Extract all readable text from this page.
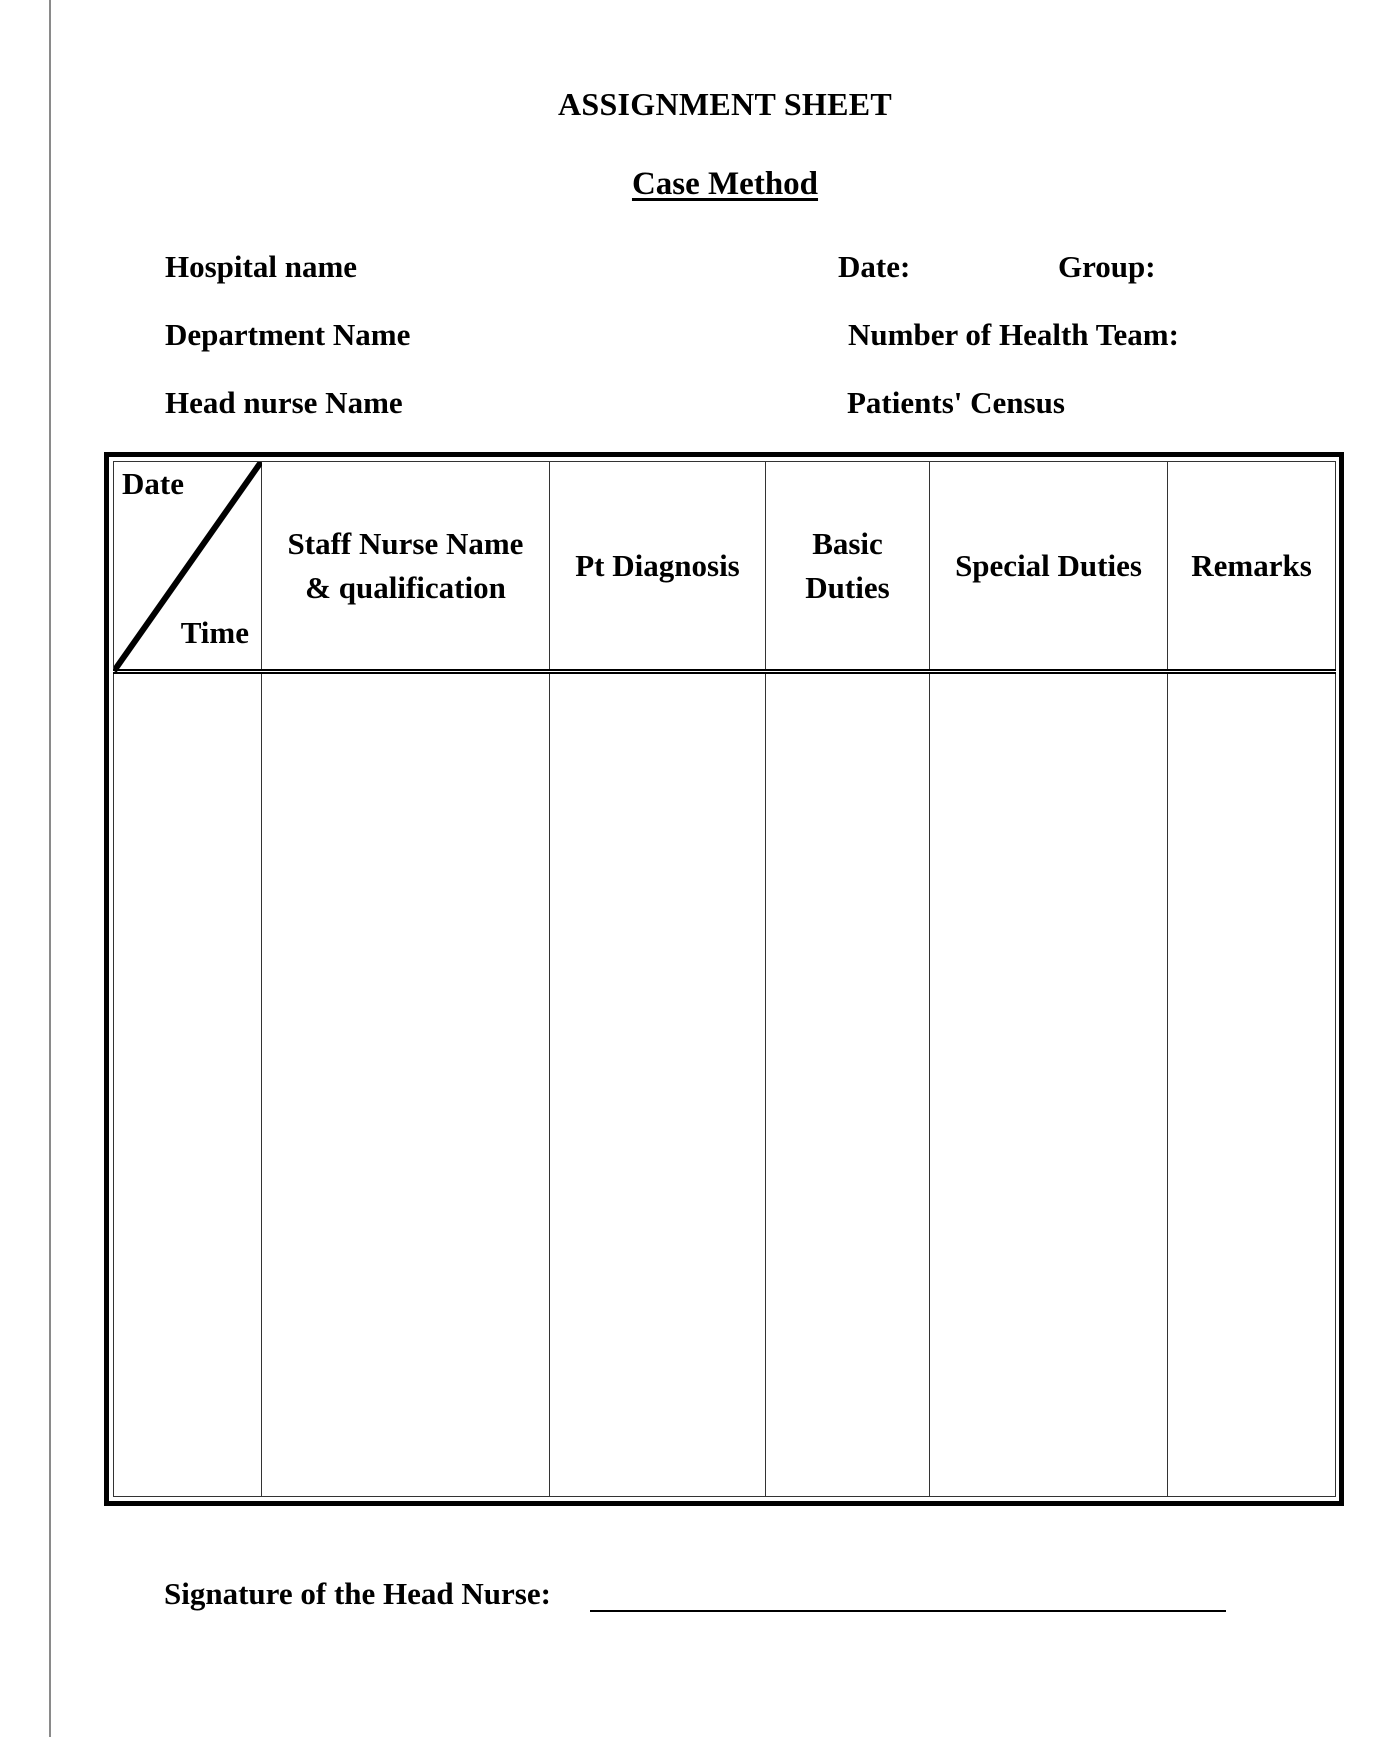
ASSIGNMENT SHEET
Case Method
Hospital name	Date:	Group:
Department Name	Number of Health Team:
Head nurse Name	Patients' Census
Date
Time	Staff Nurse Name & qualification	Pt Diagnosis	Basic Duties	Special Duties	Remarks

Signature of the Head Nurse:
